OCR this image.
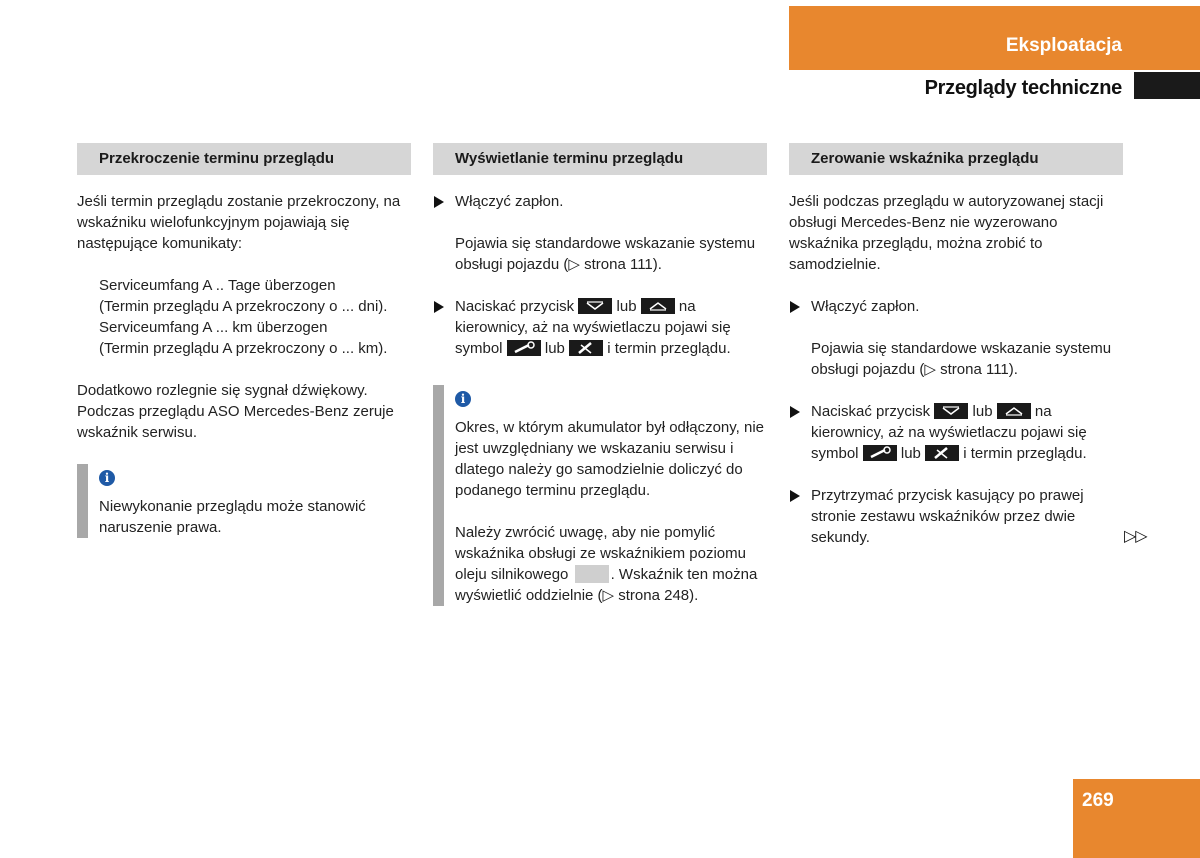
Eksploatacja
Przeglądy techniczne
Przekroczenie terminu przeglądu

Jeśli termin przeglądu zostanie przekroczony, na wskaźniku wielofunkcyjnym pojawiają się następujące komunikaty:

Serviceumfang A .. Tage überzogen

(Termin przeglądu A przekroczony o ... dni).

Serviceumfang A ... km überzogen

(Termin przeglądu A przekroczony o ... km).

Dodatkowo rozlegnie się sygnał dźwiękowy. Podczas przeglądu ASO Mercedes-Benz zeruje wskaźnik serwisu.

i

Niewykonanie przeglądu może stanowić naruszenie prawa.

Wyświetlanie terminu przeglądu

Włączyć zapłon.

Pojawia się standardowe wskazanie systemu obsługi pojazdu (▷ strona 111).

Naciskać przycisk	lub	na kierownicy, aż na wyświetlaczu pojawi się symbol	lub	i termin przeglądu.

i

Okres, w którym akumulator był odłączony, nie jest uwzględniany we wskazaniu serwisu i dlatego należy go samodzielnie doliczyć do podanego terminu przeglądu.

Należy zwrócić uwagę, aby nie pomylić wskaźnika obsługi ze wskaźnikiem poziomu oleju silnikowego	. Wskaźnik ten można wyświetlić oddzielnie (▷ strona 248).

Zerowanie wskaźnika przeglądu

Jeśli podczas przeglądu w autoryzowanej stacji obsługi Mercedes-Benz nie wyzerowano wskaźnika przeglądu, można zrobić to samodzielnie.

Włączyć zapłon.

Pojawia się standardowe wskazanie systemu obsługi pojazdu (▷ strona 111).

Naciskać przycisk	lub	na kierownicy, aż na wyświetlaczu pojawi się symbol	lub	i termin przeglądu.

Przytrzymać przycisk kasujący po prawej stronie zestawu wskaźników przez dwie sekundy.	▷▷
269
